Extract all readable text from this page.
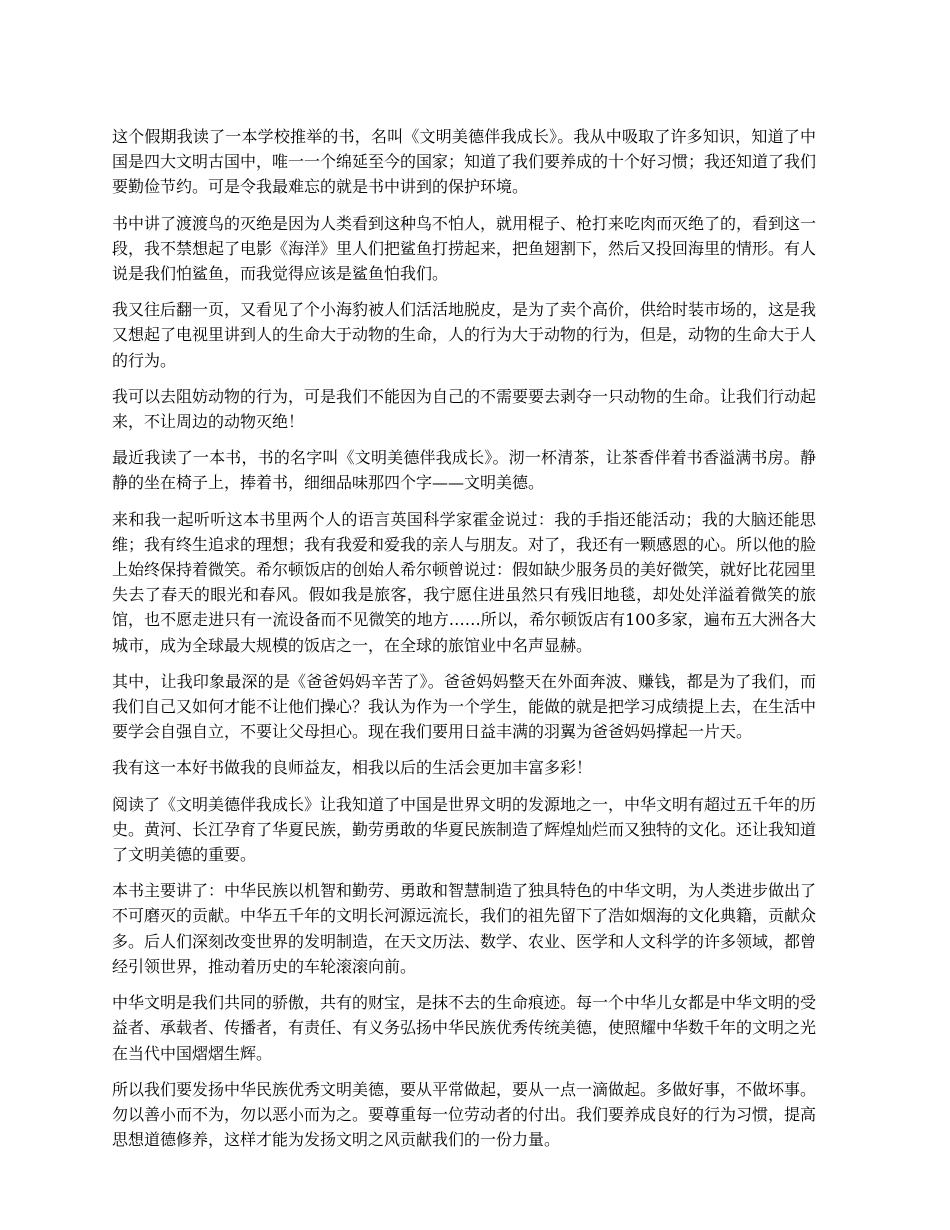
这个假期我读了一本学校推举的书，名叫《文明美德伴我成长》。我从中吸取了许多知识，知道了中国是四大文明古国中，唯一一个绵延至今的国家；知道了我们要养成的十个好习惯；我还知道了我们要勤俭节约。可是令我最难忘的就是书中讲到的保护环境。

书中讲了渡渡鸟的灭绝是因为人类看到这种鸟不怕人，就用棍子、枪打来吃肉而灭绝了的，看到这一段，我不禁想起了电影《海洋》里人们把鲨鱼打捞起来，把鱼翅割下，然后又投回海里的情形。有人说是我们怕鲨鱼，而我觉得应该是鲨鱼怕我们。

我又往后翻一页，又看见了个小海豹被人们活活地脱皮，是为了卖个高价，供给时装市场的，这是我又想起了电视里讲到人的生命大于动物的生命，人的行为大于动物的行为，但是，动物的生命大于人的行为。

我可以去阻妨动物的行为，可是我们不能因为自己的不需要要去剥夺一只动物的生命。让我们行动起来，不让周边的动物灭绝！

最近我读了一本书，书的名字叫《文明美德伴我成长》。沏一杯清茶，让茶香伴着书香溢满书房。静静的坐在椅子上，捧着书，细细品味那四个字——文明美德。

来和我一起听听这本书里两个人的语言英国科学家霍金说过：我的手指还能活动；我的大脑还能思维；我有终生追求的理想；我有我爱和爱我的亲人与朋友。对了，我还有一颗感恩的心。所以他的脸上始终保持着微笑。希尔顿饭店的创始人希尔顿曾说过：假如缺少服务员的美好微笑，就好比花园里失去了春天的眼光和春风。假如我是旅客，我宁愿住进虽然只有残旧地毯，却处处洋溢着微笑的旅馆，也不愿走进只有一流设备而不见微笑的地方……所以，希尔顿饭店有100多家，遍布五大洲各大城市，成为全球最大规模的饭店之一，在全球的旅馆业中名声显赫。

其中，让我印象最深的是《爸爸妈妈辛苦了》。爸爸妈妈整天在外面奔波、赚钱，都是为了我们，而我们自己又如何才能不让他们操心？我认为作为一个学生，能做的就是把学习成绩提上去，在生活中要学会自强自立，不要让父母担心。现在我们要用日益丰满的羽翼为爸爸妈妈撑起一片天。

我有这一本好书做我的良师益友，相我以后的生活会更加丰富多彩！

阅读了《文明美德伴我成长》让我知道了中国是世界文明的发源地之一，中华文明有超过五千年的历史。黄河、长江孕育了华夏民族，勤劳勇敢的华夏民族制造了辉煌灿烂而又独特的文化。还让我知道了文明美德的重要。

本书主要讲了：中华民族以机智和勤劳、勇敢和智慧制造了独具特色的中华文明，为人类进步做出了不可磨灭的贡献。中华五千年的文明长河源远流长，我们的祖先留下了浩如烟海的文化典籍，贡献众多。后人们深刻改变世界的发明制造，在天文历法、数学、农业、医学和人文科学的许多领域，都曾经引领世界，推动着历史的车轮滚滚向前。

中华文明是我们共同的骄傲，共有的财宝，是抹不去的生命痕迹。每一个中华儿女都是中华文明的受益者、承载者、传播者，有责任、有义务弘扬中华民族优秀传统美德，使照耀中华数千年的文明之光在当代中国熠熠生辉。

所以我们要发扬中华民族优秀文明美德，要从平常做起，要从一点一滴做起。多做好事，不做坏事。勿以善小而不为，勿以恶小而为之。要尊重每一位劳动者的付出。我们要养成良好的行为习惯，提高思想道德修养，这样才能为发扬文明之风贡献我们的一份力量。
